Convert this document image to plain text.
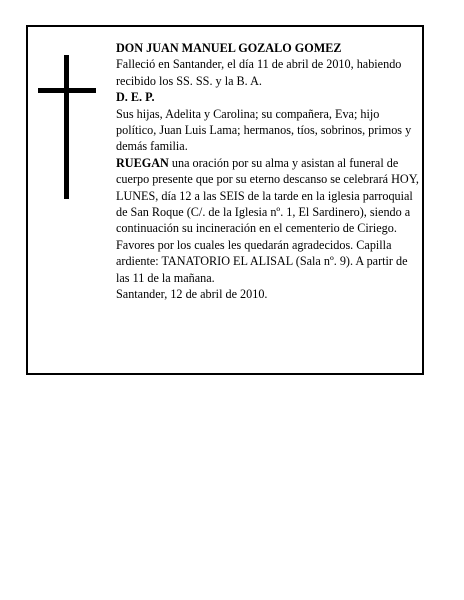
DON JUAN MANUEL GOZALO GOMEZ

Falleció en Santander, el día 11 de abril de 2010, habiendo recibido los SS. SS. y la B. A.

D. E. P.

Sus hijas, Adelita y Carolina; su compañera, Eva; hijo político, Juan Luis Lama; hermanos, tíos, sobrinos, primos y demás familia.

RUEGAN una oración por su alma y asistan al funeral de cuerpo presente que por su eterno descanso se celebrará HOY, LUNES, día 12 a las SEIS de la tarde en la iglesia parroquial de San Roque (C/. de la Iglesia nº. 1, El Sardinero), siendo a continuación su incineración en el cementerio de Ciriego. Favores por los cuales les quedarán agradecidos. Capilla ardiente: TANATORIO EL ALISAL (Sala nº. 9). A partir de las 11 de la mañana.

Santander, 12 de abril de 2010.
